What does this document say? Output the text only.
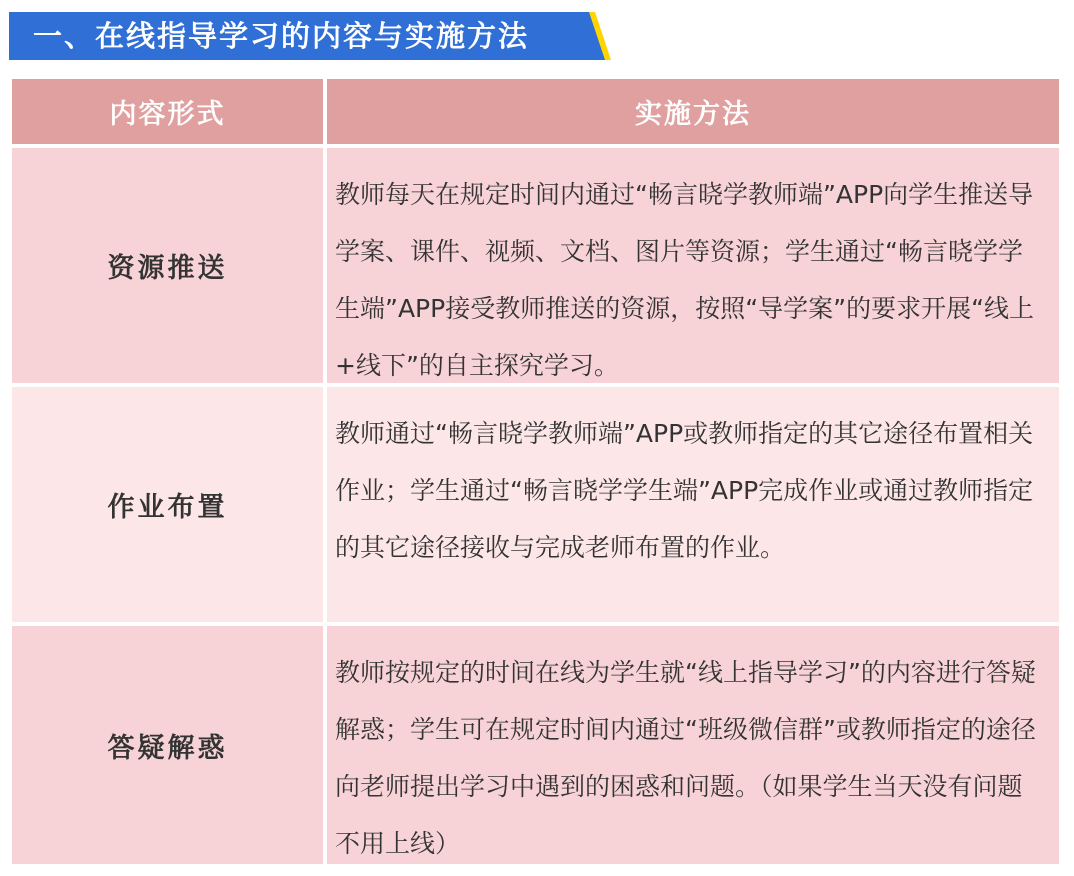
一、在线指导学习的内容与实施方法
内容形式	实施方法
资源推送
教师每天在规定时间内通过“畅言晓学教师端”APP向学生推送导学案、课件、视频、文档、图片等资源；学生通过“畅言晓学学生端”APP接受教师推送的资源，按照“导学案”的要求开展“线上+线下”的自主探究学习。
作业布置
教师通过“畅言晓学教师端”APP或教师指定的其它途径布置相关作业；学生通过“畅言晓学学生端”APP完成作业或通过教师指定的其它途径接收与完成老师布置的作业。
答疑解惑
教师按规定的时间在线为学生就“线上指导学习”的内容进行答疑解惑；学生可在规定时间内通过“班级微信群”或教师指定的途径向老师提出学习中遇到的困惑和问题。（如果学生当天没有问题不用上线）
